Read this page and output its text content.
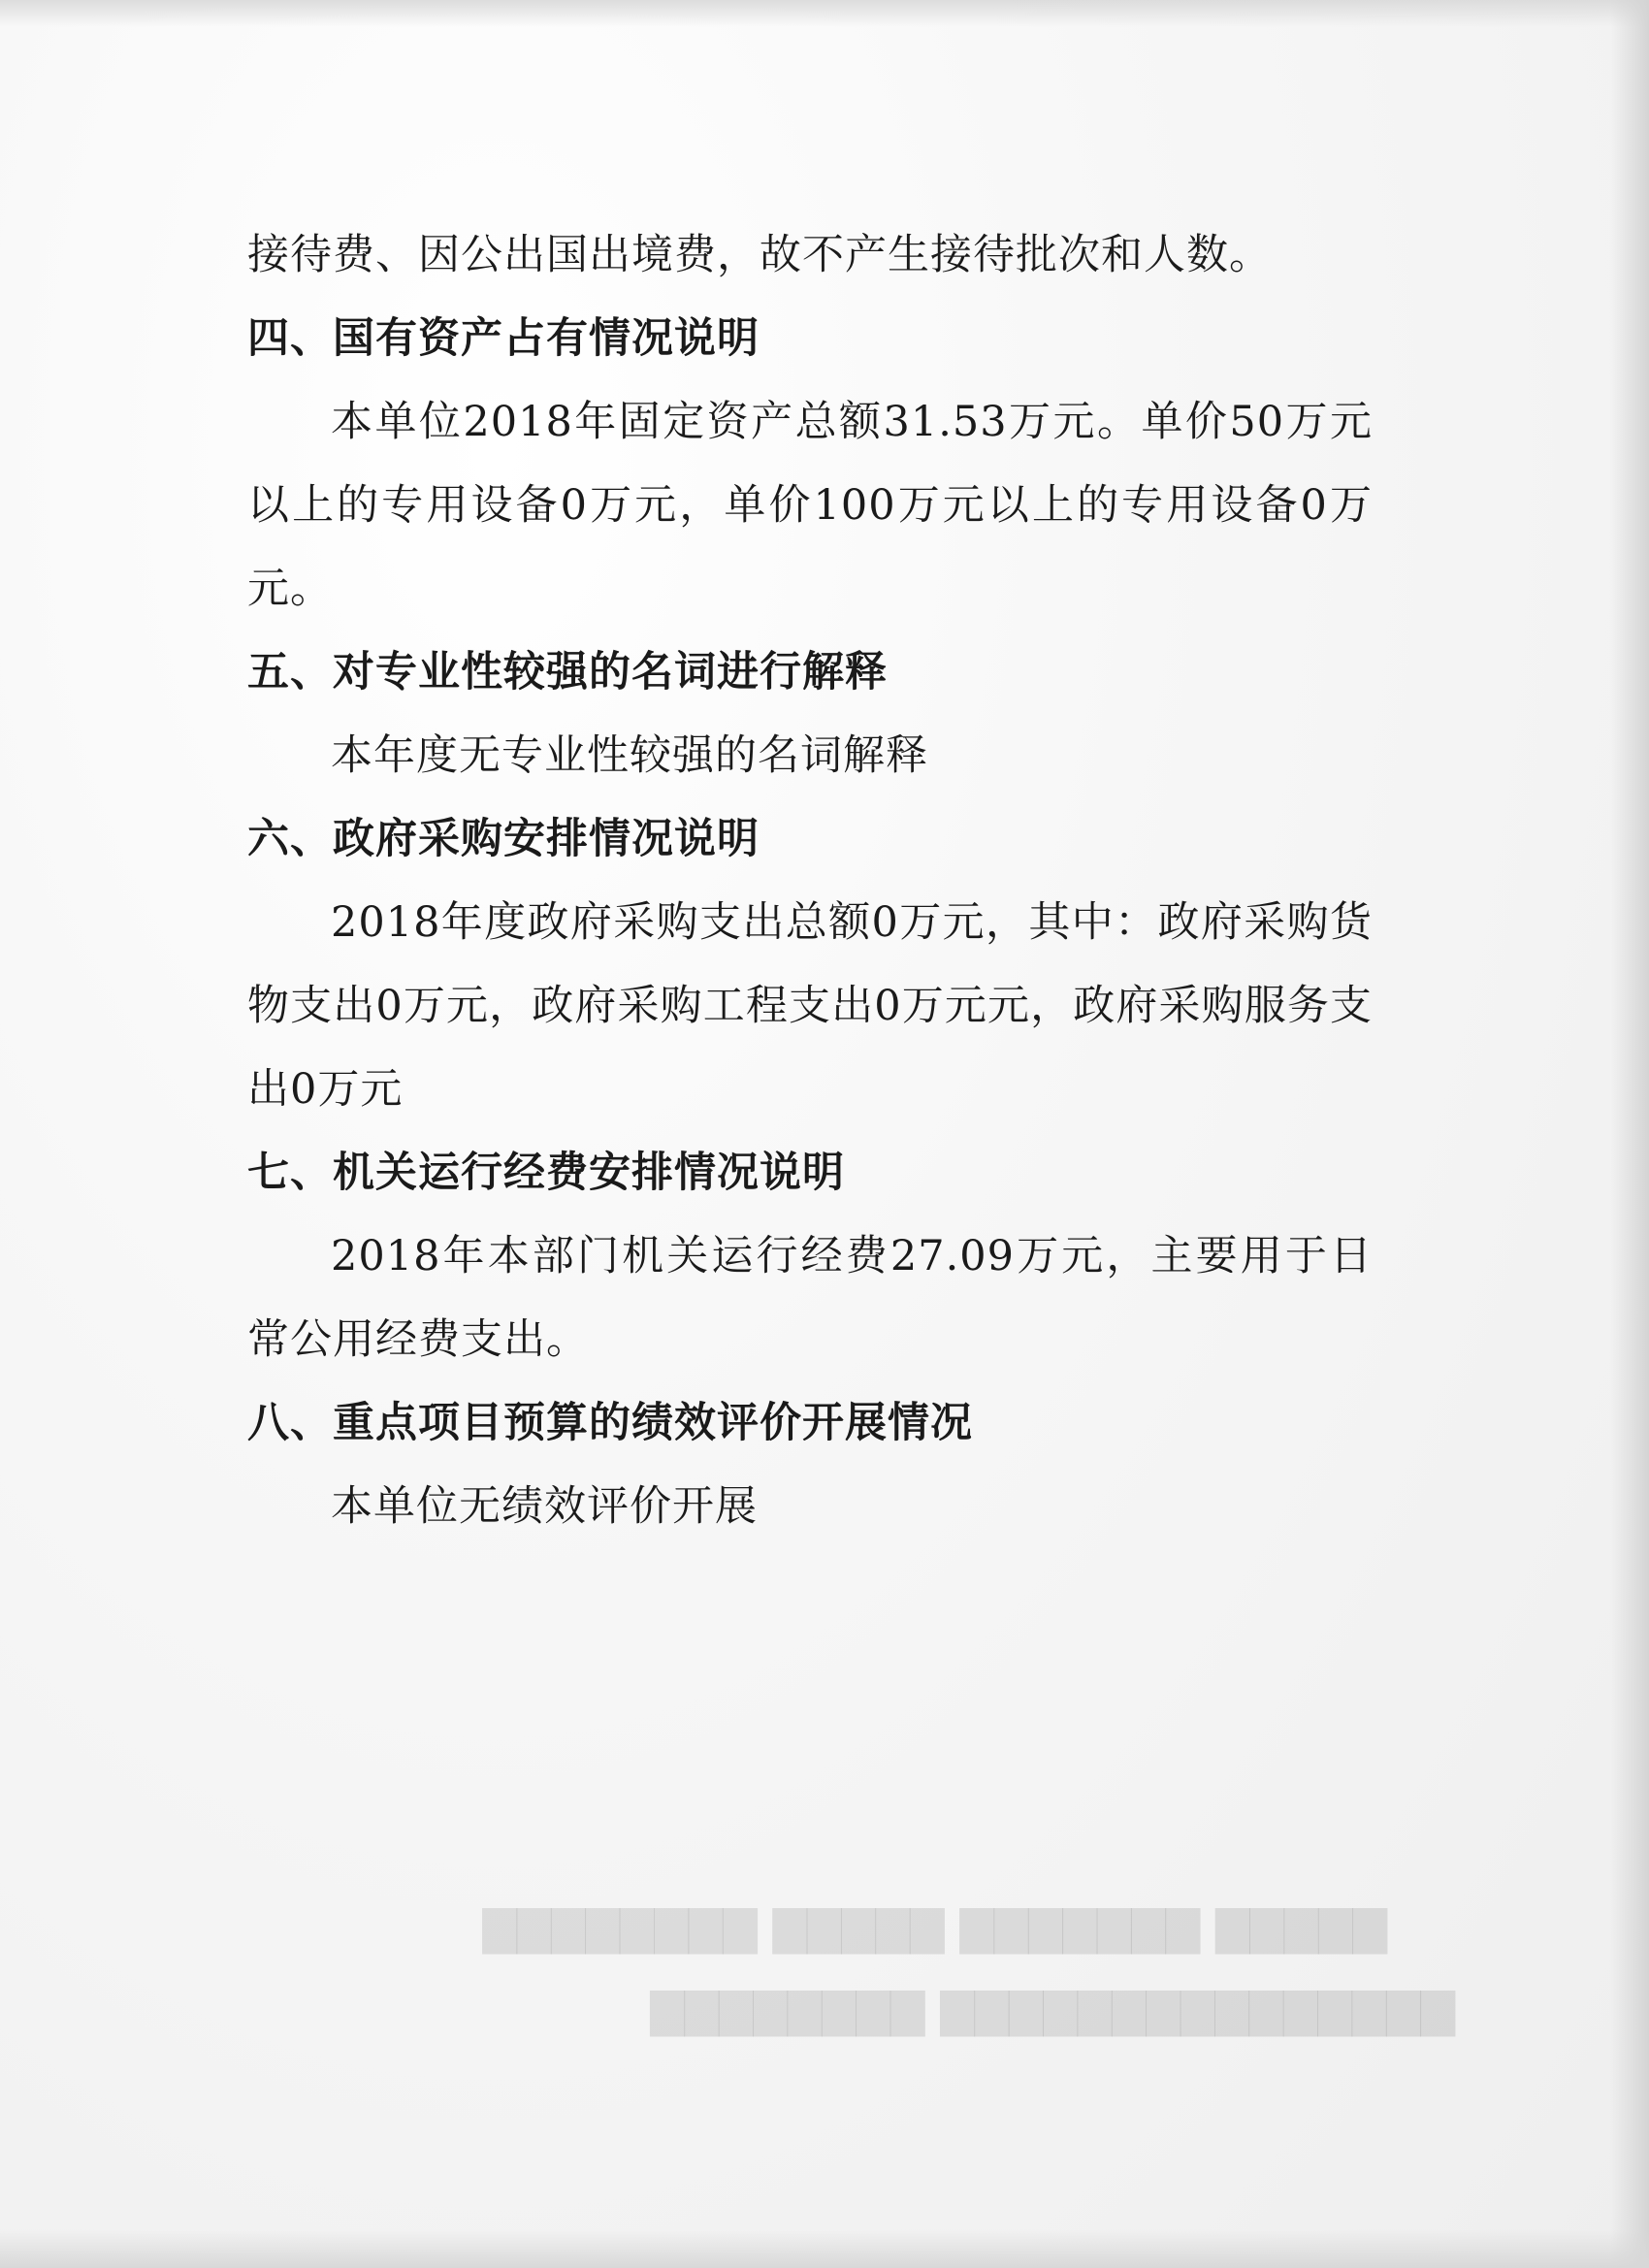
接待费、因公出国出境费，故不产生接待批次和人数。

四、国有资产占有情况说明

本单位2018年固定资产总额31.53万元。单价50万元以上的专用设备0万元，单价100万元以上的专用设备0万元。

五、对专业性较强的名词进行解释

本年度无专业性较强的名词解释

六、政府采购安排情况说明

2018年度政府采购支出总额0万元，其中：政府采购货物支出0万元，政府采购工程支出0万元元，政府采购服务支出0万元

七、机关运行经费安排情况说明

2018年本部门机关运行经费27.09万元，主要用于日常公用经费支出。

八、重点项目预算的绩效评价开展情况

本单位无绩效评价开展

▇▇▇▇▇ ▇▇▇▇▇▇▇ ▇▇▇▇▇ ▇▇▇▇▇▇▇▇
▇▇▇▇▇▇▇▇▇▇▇▇▇▇▇ ▇▇▇▇▇▇▇▇
